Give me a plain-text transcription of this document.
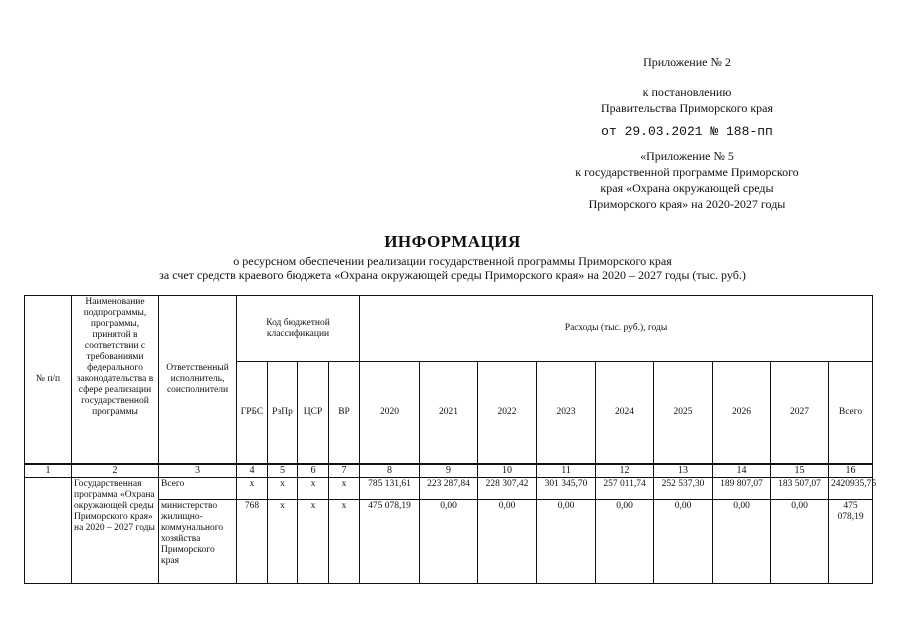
Приложение № 2
к постановлению
Правительства Приморского края
от 29.03.2021 № 188-пп
«Приложение № 5
к государственной программе Приморского
края «Охрана окружающей среды
Приморского края» на 2020-2027 годы
ИНФОРМАЦИЯ
о ресурсном обеспечении реализации государственной программы Приморского края
за счет средств краевого бюджета «Охрана окружающей среды Приморского края» на 2020 – 2027 годы (тыс. руб.)
№ п/п	Наименование подпрограммы, программы, принятой в соответствии с требованиями федерального законодательства в сфере реализации государственной программы	Ответственный исполнитель, соисполнители	Код бюджетной классификации				Расходы (тыс. руб.), годы								
			ГРБС	РзПр	ЦСР	ВР	2020	2021	2022	2023	2024	2025	2026	2027	Всего
1	2	3	4	5	6	7	8	9	10	11	12	13	14	15	16
	Государственная программа «Охрана окружающей среды Приморского края» на 2020 – 2027 годы	Всего	х	х	х	х	785 131,61	223 287,84	228 307,42	301 345,70	257 011,74	252 537,30	189 807,07	183 507,07	2420935,75
		министерство жилищно-коммунального хозяйства Приморского края	768	х	х	х	475 078,19	0,00	0,00	0,00	0,00	0,00	0,00	0,00	475 078,19
